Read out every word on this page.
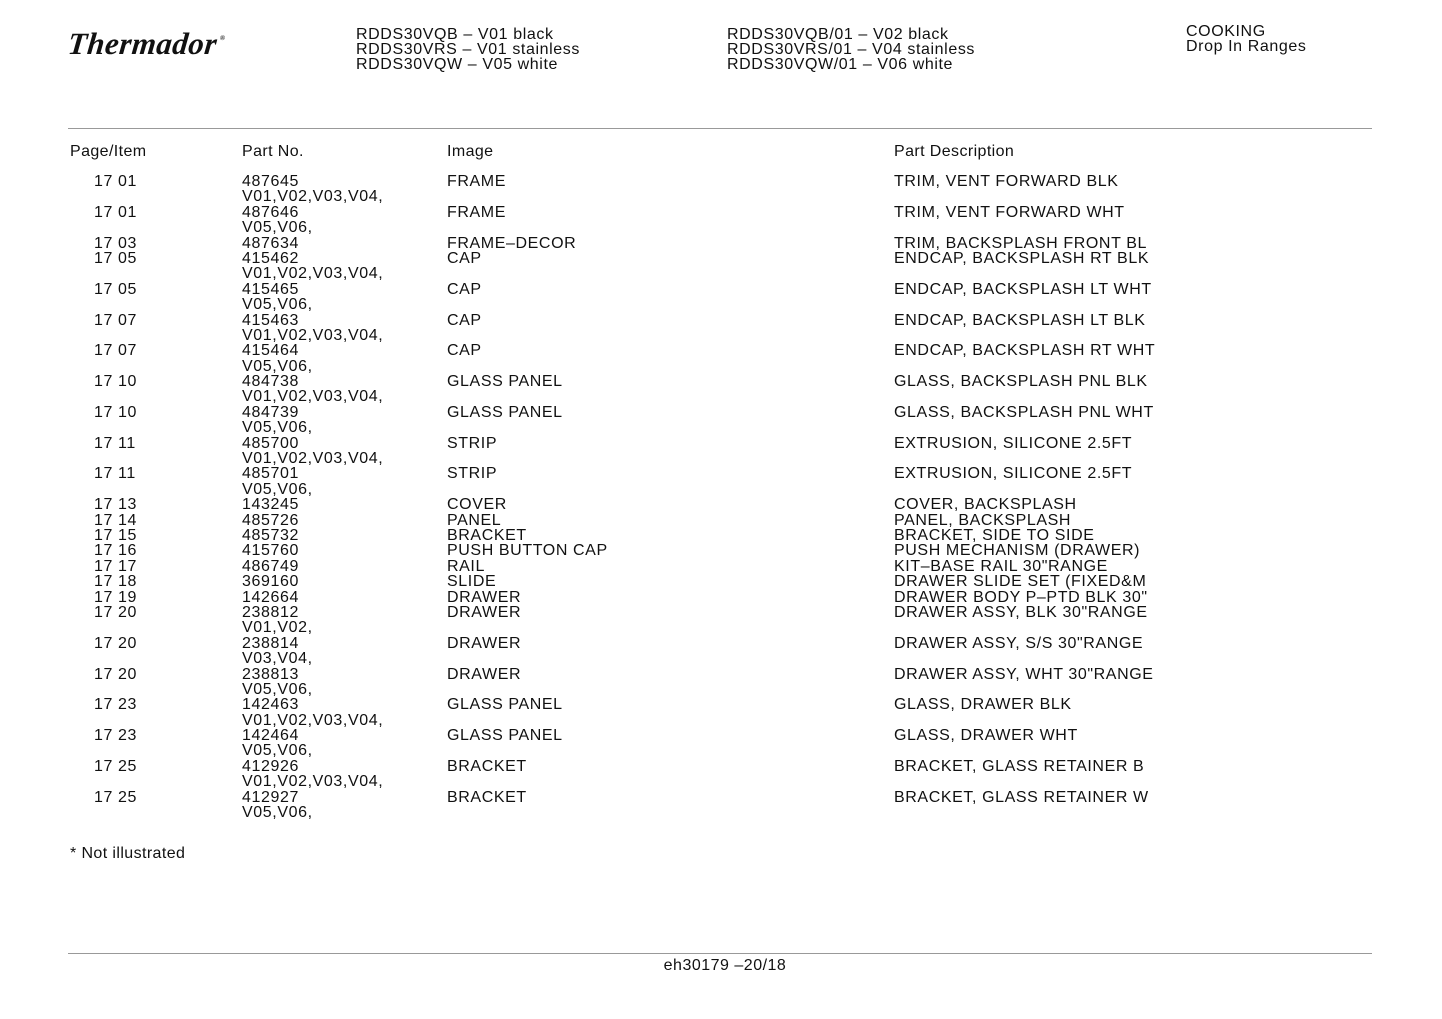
Thermador®	RDDS30VQB – V01 black
RDDS30VRS – V01 stainless
RDDS30VQW – V05 white
RDDS30VQB/01 – V02 black
RDDS30VRS/01 – V04 stainless
RDDS30VQW/01 – V06 white
COOKING
Drop In Ranges
Page/Item	Part No.	Image	Part Description
17 01	487645	FRAME	TRIM, VENT FORWARD BLK
V01,V02,V03,V04,
17 01	487646	FRAME	TRIM, VENT FORWARD WHT
V05,V06,
17 03	487634	FRAME–DECOR	TRIM, BACKSPLASH FRONT BL
17 05	415462	CAP	ENDCAP, BACKSPLASH RT BLK
V01,V02,V03,V04,
17 05	415465	CAP	ENDCAP, BACKSPLASH LT WHT
V05,V06,
17 07	415463	CAP	ENDCAP, BACKSPLASH LT BLK
V01,V02,V03,V04,
17 07	415464	CAP	ENDCAP, BACKSPLASH RT WHT
V05,V06,
17 10	484738	GLASS PANEL	GLASS, BACKSPLASH PNL BLK
V01,V02,V03,V04,
17 10	484739	GLASS PANEL	GLASS, BACKSPLASH PNL WHT
V05,V06,
17 11	485700	STRIP	EXTRUSION, SILICONE 2.5FT
V01,V02,V03,V04,
17 11	485701	STRIP	EXTRUSION, SILICONE 2.5FT
V05,V06,
17 13	143245	COVER	COVER, BACKSPLASH
17 14	485726	PANEL	PANEL, BACKSPLASH
17 15	485732	BRACKET	BRACKET, SIDE TO SIDE
17 16	415760	PUSH BUTTON CAP	PUSH MECHANISM (DRAWER)
17 17	486749	RAIL	KIT–BASE RAIL 30"RANGE
17 18	369160	SLIDE	DRAWER SLIDE SET (FIXED&M
17 19	142664	DRAWER	DRAWER BODY P–PTD BLK 30"
17 20	238812	DRAWER	DRAWER ASSY, BLK 30"RANGE
V01,V02,
17 20	238814	DRAWER	DRAWER ASSY, S/S 30"RANGE
V03,V04,
17 20	238813	DRAWER	DRAWER ASSY, WHT 30"RANGE
V05,V06,
17 23	142463	GLASS PANEL	GLASS, DRAWER BLK
V01,V02,V03,V04,
17 23	142464	GLASS PANEL	GLASS, DRAWER WHT
V05,V06,
17 25	412926	BRACKET	BRACKET, GLASS RETAINER B
V01,V02,V03,V04,
17 25	412927	BRACKET	BRACKET, GLASS RETAINER W
V05,V06,
* Not illustrated
eh30179 –20/18
